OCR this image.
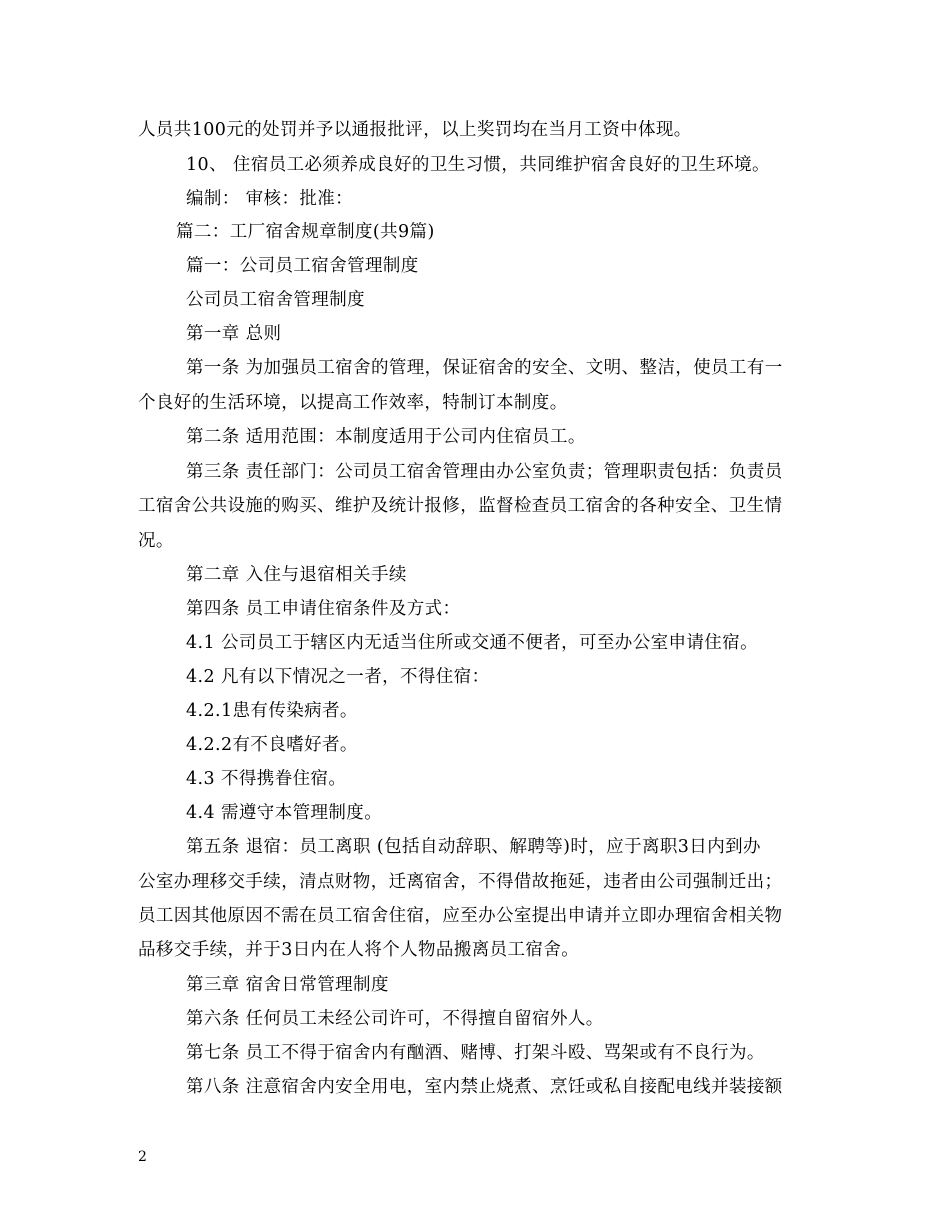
人员共100元的处罚并予以通报批评，以上奖罚均在当月工资中体现。
10、 住宿员工必须养成良好的卫生习惯，共同维护宿舍良好的卫生环境。
编制： 审核：批准：
篇二：工厂宿舍规章制度(共9篇)
篇一：公司员工宿舍管理制度
公司员工宿舍管理制度
第一章 总则
第一条 为加强员工宿舍的管理，保证宿舍的安全、文明、整洁，使员工有一
个良好的生活环境，以提高工作效率，特制订本制度。
第二条 适用范围：本制度适用于公司内住宿员工。
第三条 责任部门：公司员工宿舍管理由办公室负责；管理职责包括：负责员
工宿舍公共设施的购买、维护及统计报修，监督检查员工宿舍的各种安全、卫生情
况。
第二章 入住与退宿相关手续
第四条 员工申请住宿条件及方式：
4.1 公司员工于辖区内无适当住所或交通不便者，可至办公室申请住宿。
4.2 凡有以下情况之一者，不得住宿：
4.2.1患有传染病者。
4.2.2有不良嗜好者。
4.3 不得携眷住宿。
4.4 需遵守本管理制度。
第五条 退宿：员工离职 (包括自动辞职、解聘等)时，应于离职3日内到办
公室办理移交手续，清点财物，迁离宿舍，不得借故拖延，违者由公司强制迁出；
员工因其他原因不需在员工宿舍住宿，应至办公室提出申请并立即办理宿舍相关物
品移交手续，并于3日内在人将个人物品搬离员工宿舍。
第三章 宿舍日常管理制度
第六条 任何员工未经公司许可，不得擅自留宿外人。
第七条 员工不得于宿舍内有酗酒、赌博、打架斗殴、骂架或有不良行为。
第八条 注意宿舍内安全用电，室内禁止烧煮、烹饪或私自接配电线并装接额
2
